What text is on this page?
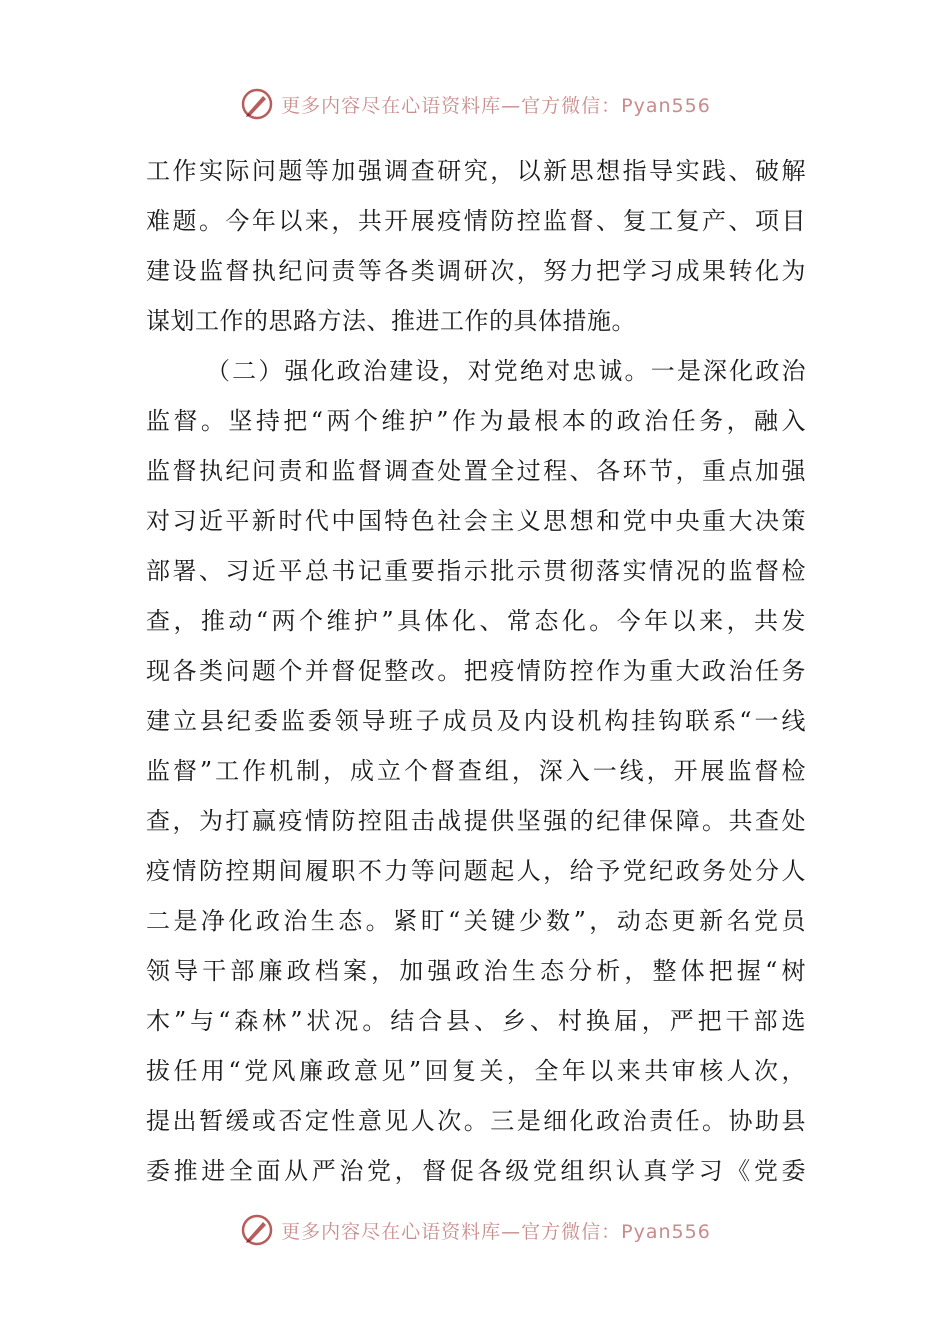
更多内容尽在心语资料库—官方微信：Pyan556
工作实际问题等加强调查研究，以新思想指导实践、破解
难题。今年以来，共开展疫情防控监督、复工复产、项目
建设监督执纪问责等各类调研次，努力把学习成果转化为
谋划工作的思路方法、推进工作的具体措施。
（二）强化政治建设，对党绝对忠诚。一是深化政治
监督。坚持把“两个维护”作为最根本的政治任务，融入
监督执纪问责和监督调查处置全过程、各环节，重点加强
对习近平新时代中国特色社会主义思想和党中央重大决策
部署、习近平总书记重要指示批示贯彻落实情况的监督检
查，推动“两个维护”具体化、常态化。今年以来，共发
现各类问题个并督促整改。把疫情防控作为重大政治任务
建立县纪委监委领导班子成员及内设机构挂钩联系“一线
监督”工作机制，成立个督查组，深入一线，开展监督检
查，为打赢疫情防控阻击战提供坚强的纪律保障。共查处
疫情防控期间履职不力等问题起人，给予党纪政务处分人
二是净化政治生态。紧盯“关键少数”，动态更新名党员
领导干部廉政档案，加强政治生态分析，整体把握“树
木”与“森林”状况。结合县、乡、村换届，严把干部选
拔任用“党风廉政意见”回复关，全年以来共审核人次，
提出暂缓或否定性意见人次。三是细化政治责任。协助县
委推进全面从严治党，督促各级党组织认真学习《党委
更多内容尽在心语资料库—官方微信：Pyan556
